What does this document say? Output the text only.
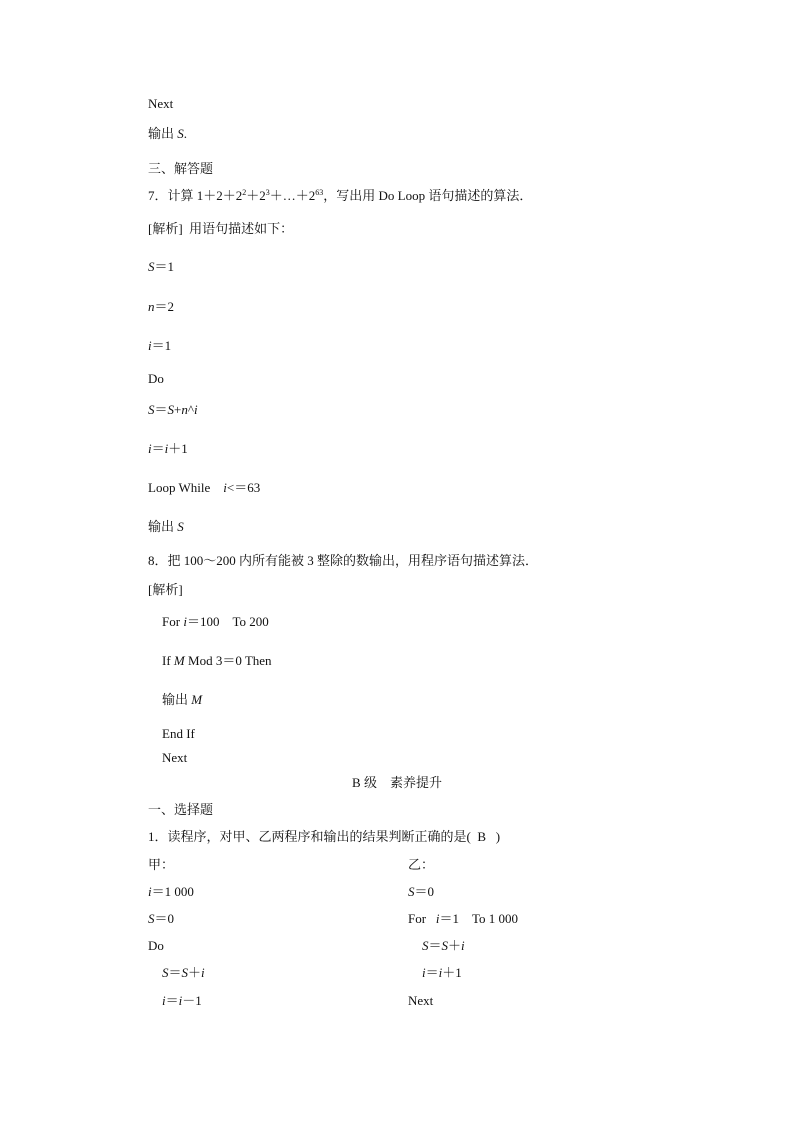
Next
输出 S.
三、解答题
7．计算 $1+2+2^2+2^3+\dots+2^{63}$，写出用 Do Loop 语句描述的算法．
[解析] 用语句描述如下：
S＝1
n＝2
i＝1
Do
S＝S+n^i
i＝i＋1
Loop While i<＝63
输出 S
8．把 100～200 内所有能被 3 整除的数输出，用程序语句描述算法．
[解析]
For i＝100　To 200
If M Mod 3＝0 Then
输出 M
End If
Next
B 级　素养提升
一、选择题
1．读程序，对甲、乙两程序和输出的结果判断正确的是( B )
甲：
i＝1 000
S＝0
Do
S＝S＋i
i＝i－1
乙：
S＝0
For i＝1　To 1 000
S＝S＋i
i＝i＋1
Next
